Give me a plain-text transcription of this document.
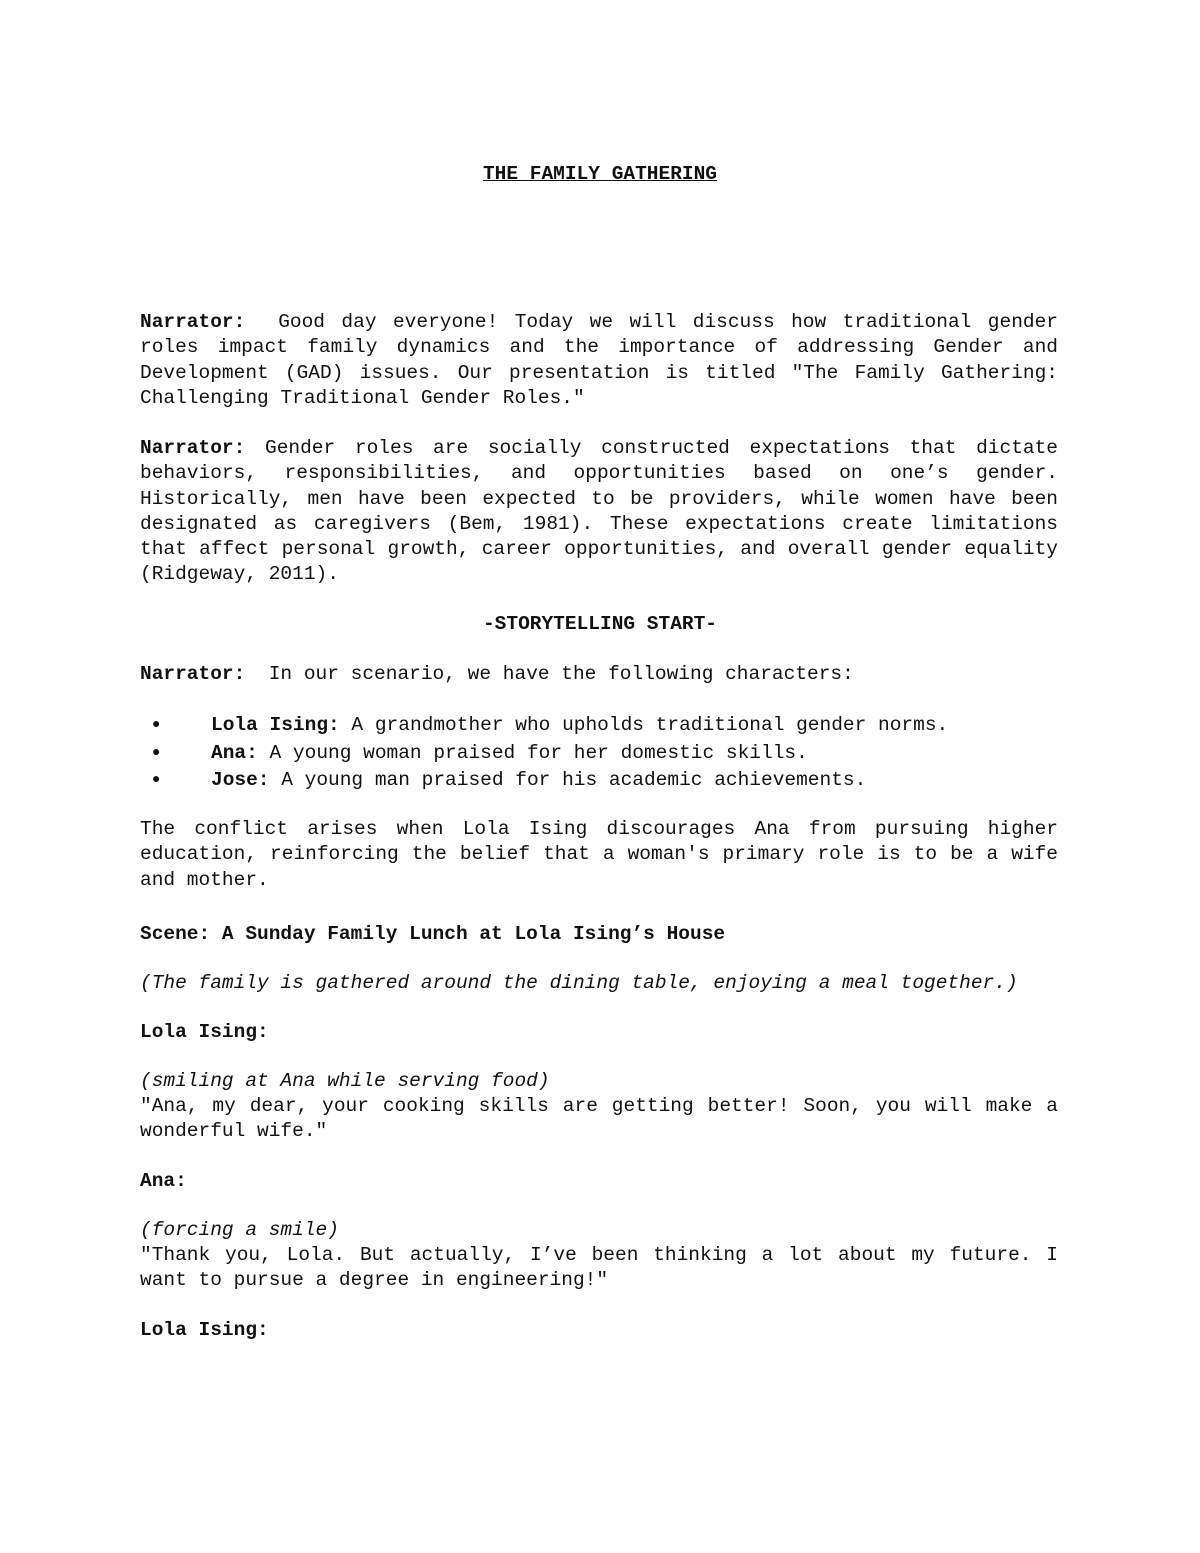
THE FAMILY GATHERING

Narrator:  Good day everyone! Today we will discuss how traditional gender roles impact family dynamics and the importance of addressing Gender and Development (GAD) issues. Our presentation is titled "The Family Gathering: Challenging Traditional Gender Roles."

Narrator: Gender roles are socially constructed expectations that dictate behaviors, responsibilities, and opportunities based on one’s gender. Historically, men have been expected to be providers, while women have been designated as caregivers (Bem, 1981). These expectations create limitations that affect personal growth, career opportunities, and overall gender equality (Ridgeway, 2011).

-STORYTELLING START-

Narrator:  In our scenario, we have the following characters:

●	Lola Ising: A grandmother who upholds traditional gender norms.
●	Ana: A young woman praised for her domestic skills.
●	Jose: A young man praised for his academic achievements.

The conflict arises when Lola Ising discourages Ana from pursuing higher education, reinforcing the belief that a woman's primary role is to be a wife and mother.

Scene: A Sunday Family Lunch at Lola Ising’s House
(The family is gathered around the dining table, enjoying a meal together.)
Lola Ising:
(smiling at Ana while serving food)
"Ana, my dear, your cooking skills are getting better! Soon, you will make a wonderful wife."
Ana:
(forcing a smile)
"Thank you, Lola. But actually, I’ve been thinking a lot about my future. I want to pursue a degree in engineering!"
Lola Ising:
